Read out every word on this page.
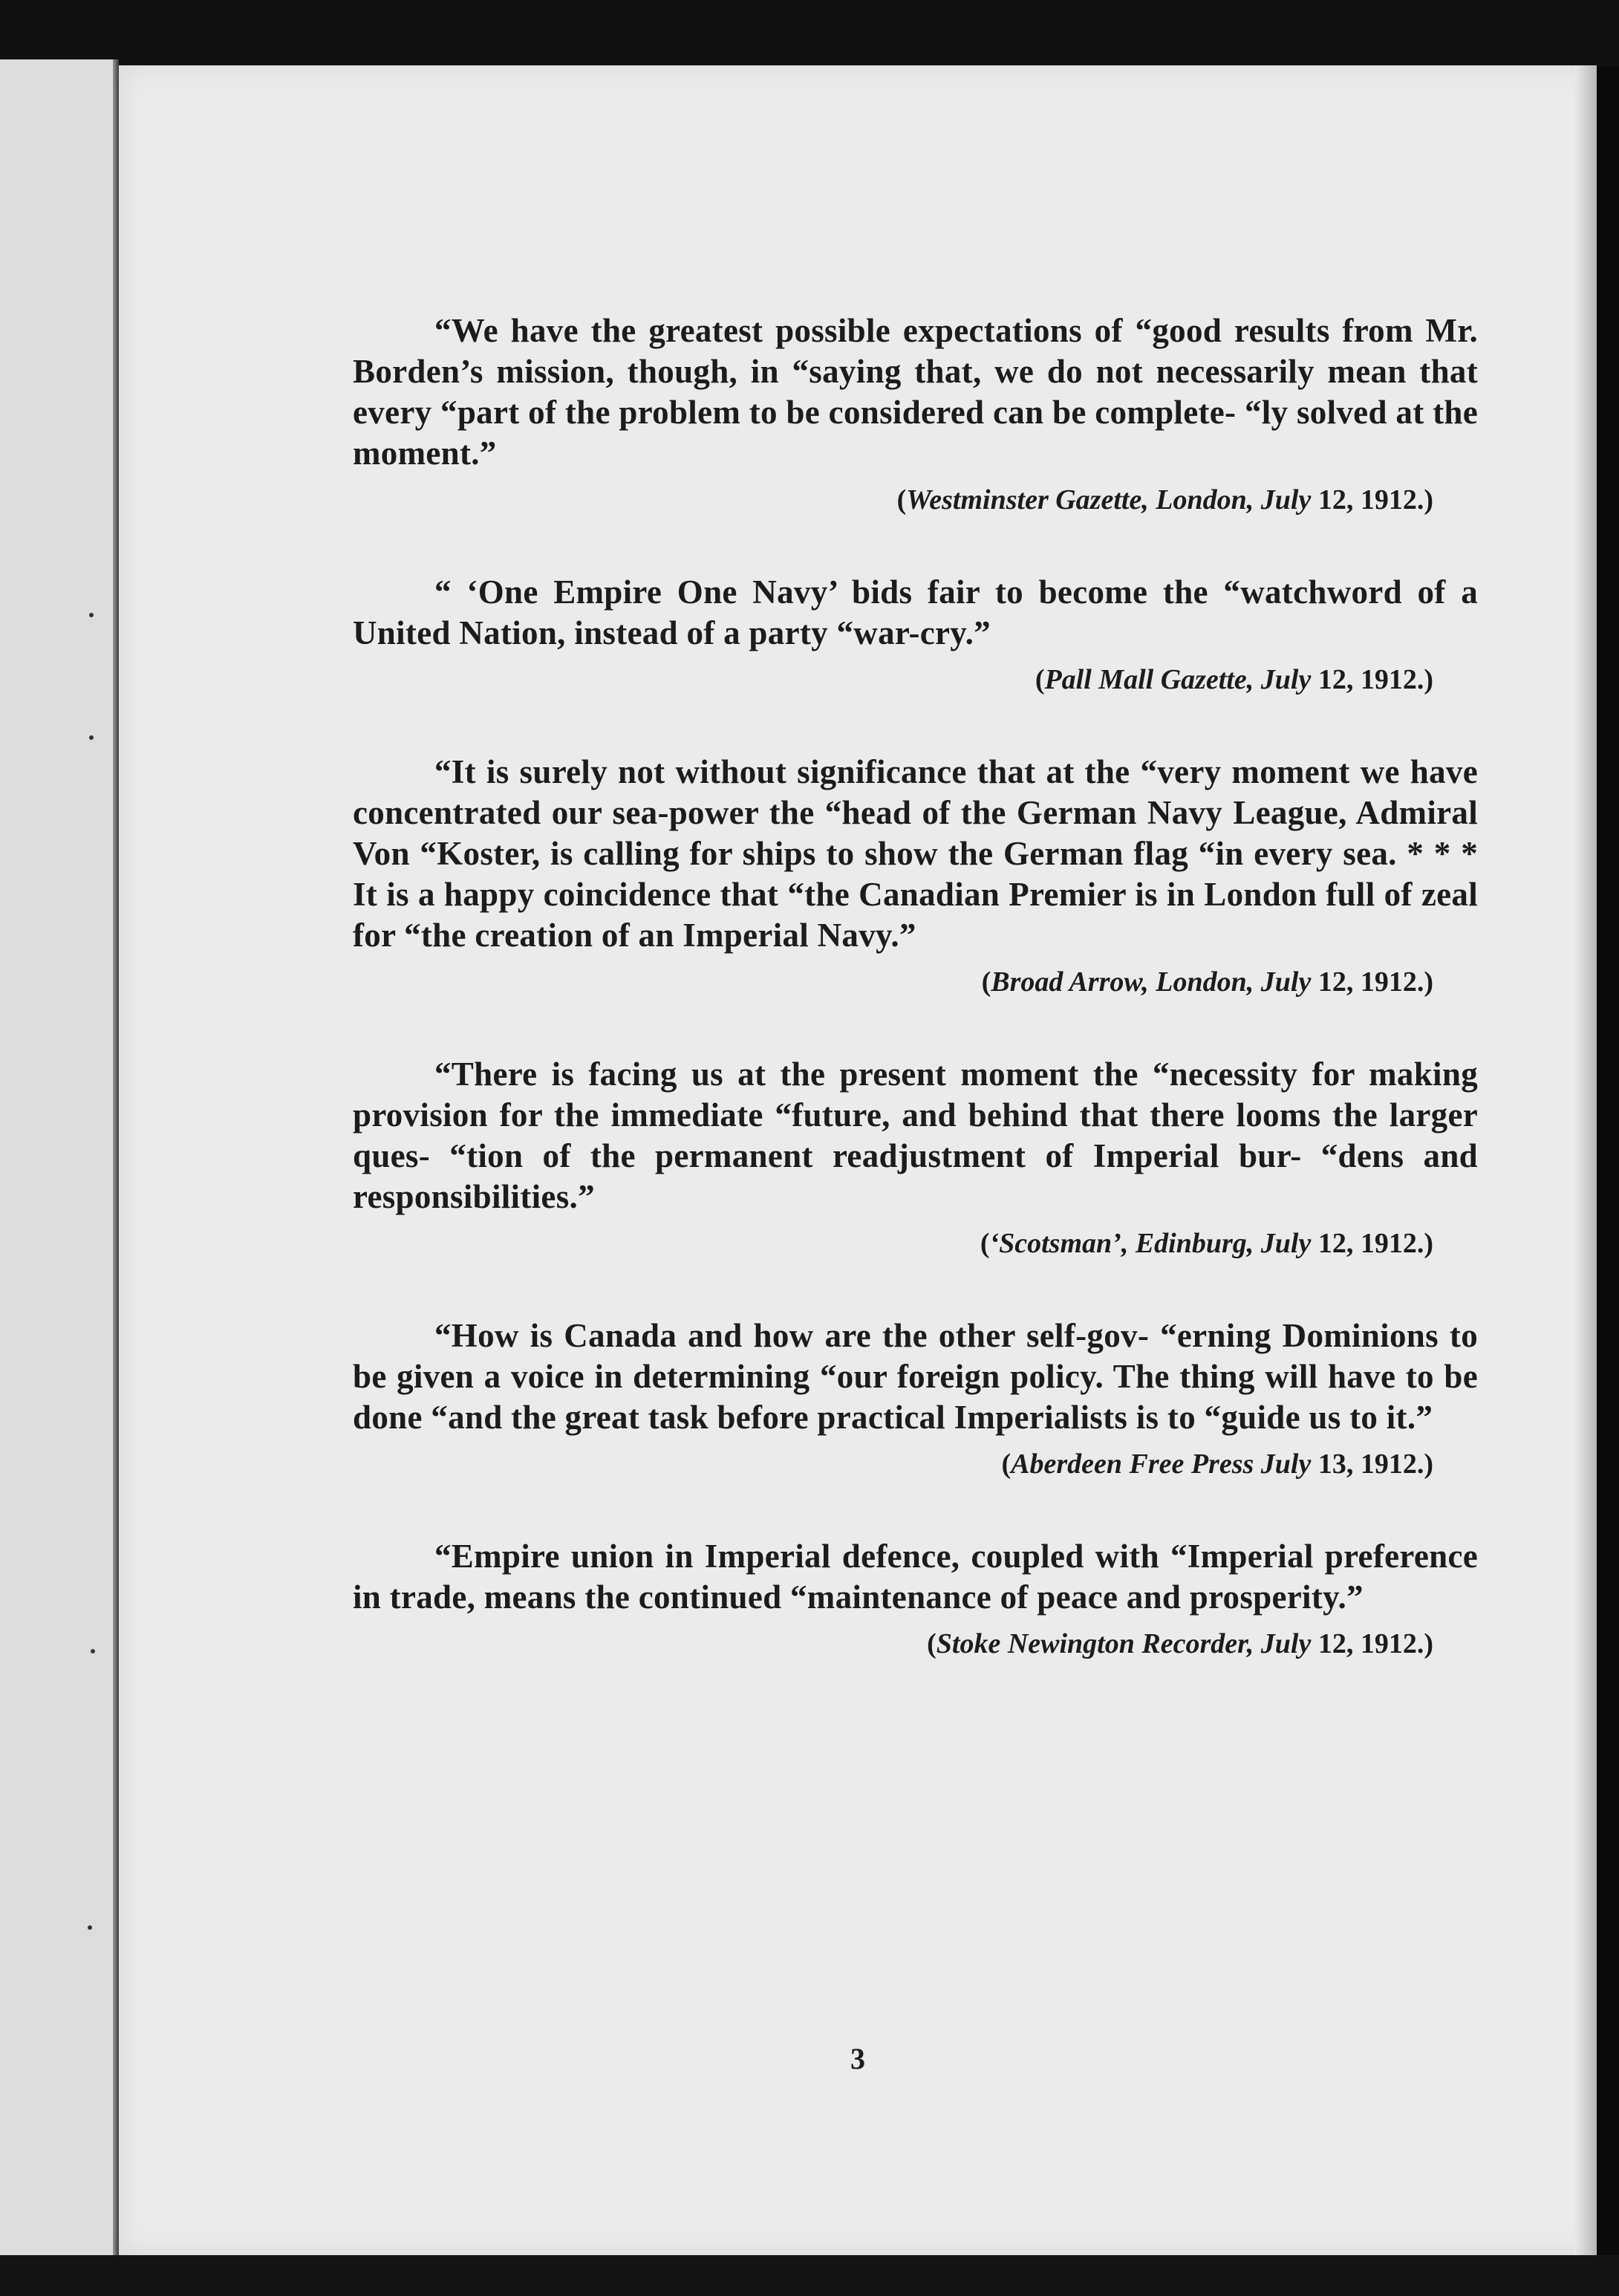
“We have the greatest possible expectations of “good results from Mr. Borden’s mission, though, in “saying that, we do not necessarily mean that every “part of the problem to be considered can be complete- “ly solved at the moment.”

(Westminster Gazette, London, July 12, 1912.)

“ ‘One Empire One Navy’ bids fair to become the “watchword of a United Nation, instead of a party “war-cry.”

(Pall Mall Gazette, July 12, 1912.)

“It is surely not without significance that at the “very moment we have concentrated our sea-power the “head of the German Navy League, Admiral Von “Koster, is calling for ships to show the German flag “in every sea. * * * It is a happy coincidence that “the Canadian Premier is in London full of zeal for “the creation of an Imperial Navy.”

(Broad Arrow, London, July 12, 1912.)

“There is facing us at the present moment the “necessity for making provision for the immediate “future, and behind that there looms the larger ques- “tion of the permanent readjustment of Imperial bur- “dens and responsibilities.”

(‘Scotsman’, Edinburg, July 12, 1912.)

“How is Canada and how are the other self-gov- “erning Dominions to be given a voice in determining “our foreign policy. The thing will have to be done “and the great task before practical Imperialists is to “guide us to it.”

(Aberdeen Free Press July 13, 1912.)

“Empire union in Imperial defence, coupled with “Imperial preference in trade, means the continued “maintenance of peace and prosperity.”

(Stoke Newington Recorder, July 12, 1912.)

3
